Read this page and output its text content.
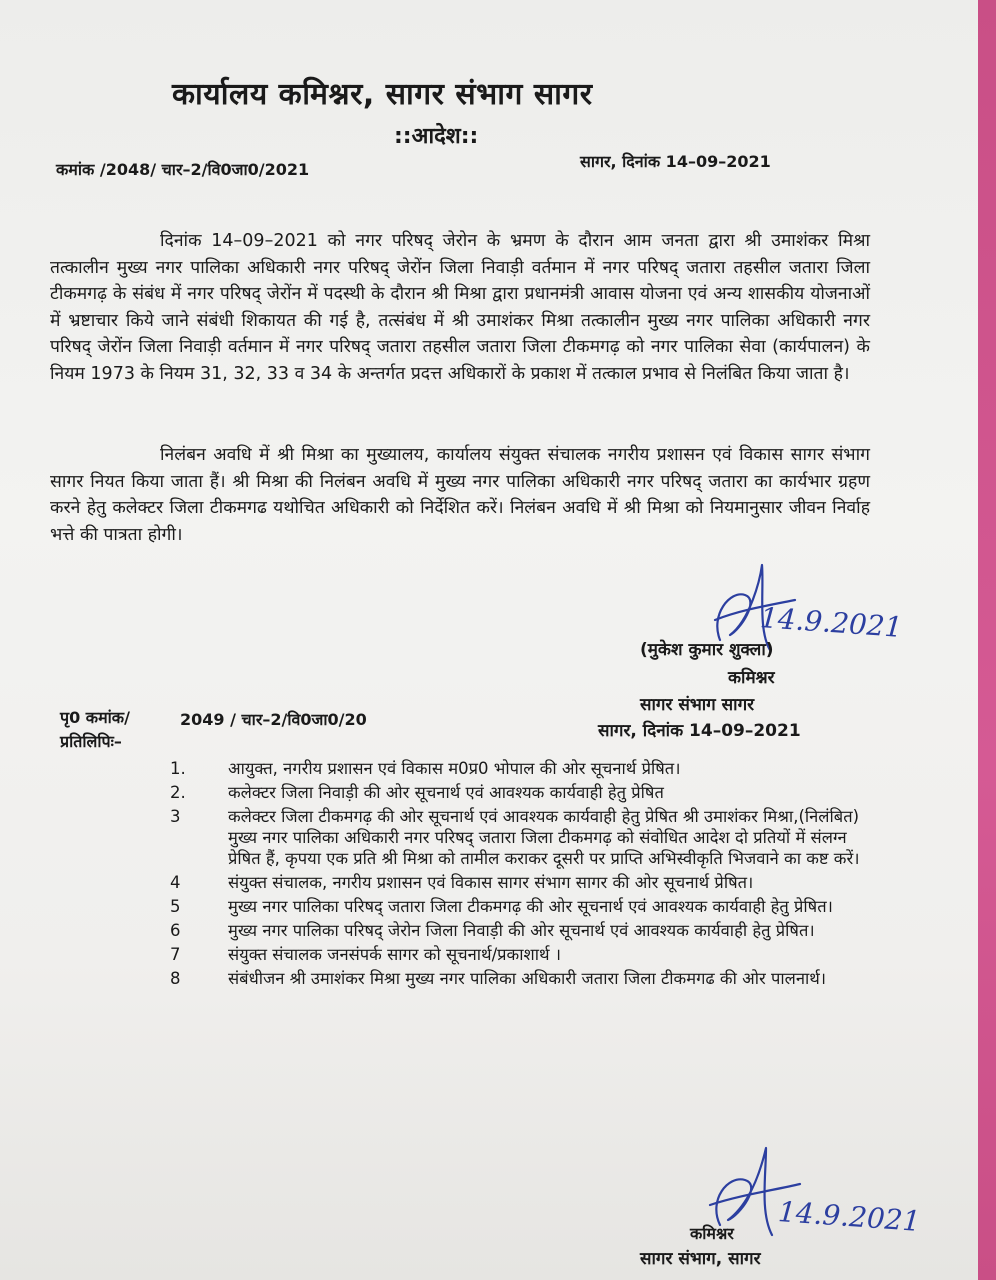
कार्यालय कमिश्नर, सागर संभाग सागर
::आदेश::
कमांक /2048/ चार–2/वि0जा0/2021	सागर, दिनांक 14–09–2021
दिनांक 14–09–2021 को नगर परिषद् जेरोन के भ्रमण के दौरान आम जनता द्वारा श्री उमाशंकर मिश्रा तत्कालीन मुख्य नगर पालिका अधिकारी नगर परिषद् जेरोंन जिला निवाड़ी वर्तमान में नगर परिषद् जतारा तहसील जतारा जिला टीकमगढ़ के संबंध में नगर परिषद् जेरोंन में पदस्थी के दौरान श्री मिश्रा द्वारा प्रधानमंत्री आवास योजना एवं अन्य शासकीय योजनाओं में भ्रष्टाचार किये जाने संबंधी शिकायत की गई है, तत्संबंध में श्री उमाशंकर मिश्रा तत्कालीन मुख्य नगर पालिका अधिकारी नगर परिषद् जेरोंन जिला निवाड़ी वर्तमान में नगर परिषद् जतारा तहसील जतारा जिला टीकमगढ़ को नगर पालिका सेवा (कार्यपालन) के नियम 1973 के नियम 31, 32, 33 व 34 के अन्तर्गत प्रदत्त अधिकारों के प्रकाश में तत्काल प्रभाव से निलंबित किया जाता है।
निलंबन अवधि में श्री मिश्रा का मुख्यालय, कार्यालय संयुक्त संचालक नगरीय प्रशासन एवं विकास सागर संभाग सागर नियत किया जाता हैं। श्री मिश्रा की निलंबन अवधि में मुख्य नगर पालिका अधिकारी नगर परिषद् जतारा का कार्यभार ग्रहण करने हेतु कलेक्टर जिला टीकमगढ यथोचित अधिकारी को निर्देशित करें। निलंबन अवधि में श्री मिश्रा को नियमानुसार जीवन निर्वाह भत्ते की पात्रता होगी।
14.9.2021
(मुकेश कुमार शुक्ला)
कमिश्नर
सागर संभाग सागर
पृ0 कमांक/	2049 / चार–2/वि0जा0/20
सागर, दिनांक 14–09–2021
प्रतिलिपिः–
1.	आयुक्त, नगरीय प्रशासन एवं विकास म0प्र0 भोपाल की ओर सूचनार्थ प्रेषित।
2.	कलेक्टर जिला निवाड़ी की ओर सूचनार्थ एवं आवश्यक कार्यवाही हेतु प्रेषित
3	कलेक्टर जिला टीकमगढ़ की ओर सूचनार्थ एवं आवश्यक कार्यवाही हेतु प्रेषित श्री उमाशंकर मिश्रा,(निलंबित) मुख्य नगर पालिका अधिकारी नगर परिषद् जतारा जिला टीकमगढ़ को संवोधित आदेश दो प्रतियों में संलग्न प्रेषित हैं, कृपया एक प्रति श्री मिश्रा को तामील कराकर दूसरी पर प्राप्ति अभिस्वीकृति भिजवाने का कष्ट करें।
4	संयुक्त संचालक, नगरीय प्रशासन एवं विकास सागर संभाग सागर की ओर सूचनार्थ प्रेषित।
5	मुख्य नगर पालिका परिषद् जतारा जिला टीकमगढ़ की ओर सूचनार्थ एवं आवश्यक कार्यवाही हेतु प्रेषित।
6	मुख्य नगर पालिका परिषद् जेरोन जिला निवाड़ी की ओर सूचनार्थ एवं आवश्यक कार्यवाही हेतु प्रेषित।
7	संयुक्त संचालक जनसंपर्क सागर को सूचनार्थ/प्रकाशार्थ ।
8	संबंधीजन श्री उमाशंकर मिश्रा मुख्य नगर पालिका अधिकारी जतारा जिला टीकमगढ की ओर पालनार्थ।
14.9.2021
कमिश्नर
सागर संभाग, सागर
